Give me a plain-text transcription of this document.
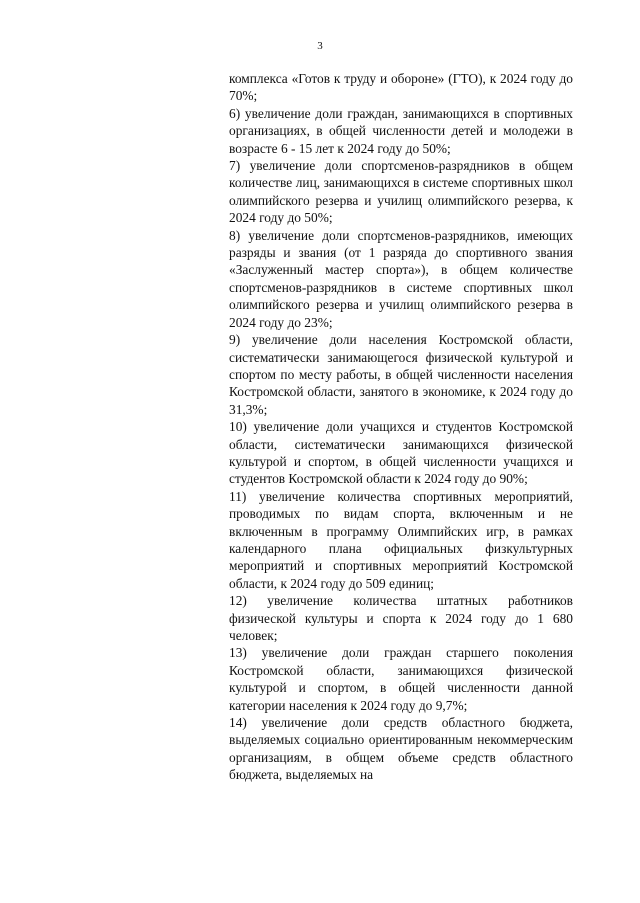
3

комплекса «Готов к труду и обороне» (ГТО), к 2024 году до 70%;

6) увеличение доли граждан, занимающихся в спортивных организациях, в общей численности детей и молодежи в возрасте 6 - 15 лет к 2024 году до 50%;

7) увеличение доли спортсменов-разрядников в общем количестве лиц, занимающихся в системе спортивных школ олимпийского резерва и училищ олимпийского резерва, к 2024 году до 50%;

8) увеличение доли спортсменов-разрядников, имеющих разряды и звания (от 1 разряда до спортивного звания «Заслуженный мастер спорта»), в общем количестве спортсменов-разрядников в системе спортивных школ олимпийского резерва и училищ олимпийского резерва в 2024 году до 23%;

9) увеличение доли населения Костромской области, систематически занимающегося физической культурой и спортом по месту работы, в общей численности населения Костромской области, занятого в экономике, к 2024 году до 31,3%;

10) увеличение доли учащихся и студентов Костромской области, систематически занимающихся физической культурой и спортом, в общей численности учащихся и студентов Костромской области к 2024 году до 90%;

11) увеличение количества спортивных мероприятий, проводимых по видам спорта, включенным и не включенным в программу Олимпийских игр, в рамках календарного плана официальных физкультурных мероприятий и спортивных мероприятий Костромской области, к 2024 году до 509 единиц;

12) увеличение количества штатных работников физической культуры и спорта к 2024 году до 1 680 человек;

13) увеличение доли граждан старшего поколения Костромской области, занимающихся физической культурой и спортом, в общей численности данной категории населения к 2024 году до 9,7%;

14) увеличение доли средств областного бюджета, выделяемых социально ориентированным некоммерческим организациям, в общем объеме средств областного бюджета, выделяемых на
